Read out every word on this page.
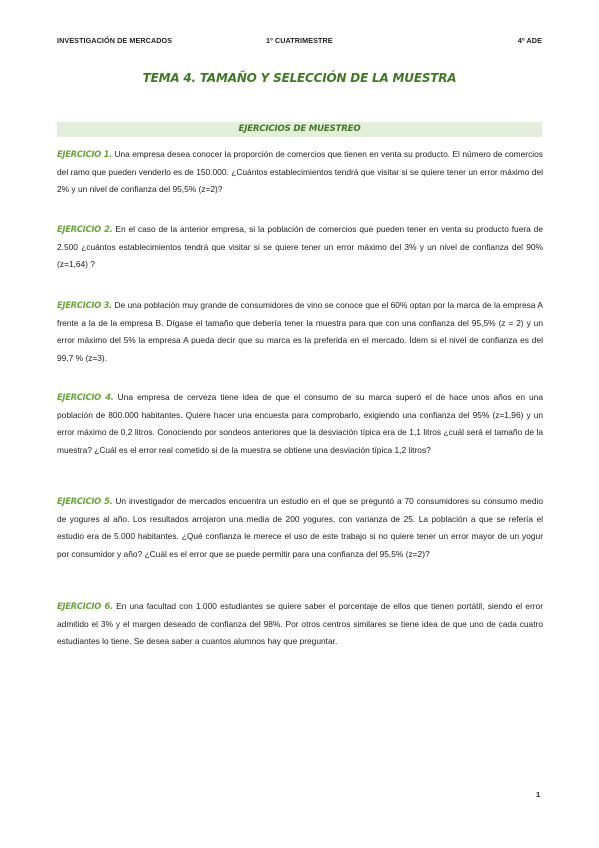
INVESTIGACIÓN DE MERCADOS	1º CUATRIMESTRE	4º ADE
TEMA 4. TAMAÑO Y SELECCIÓN DE LA MUESTRA
EJERCICIOS DE MUESTREO
EJERCICIO 1. Una empresa desea conocer la proporción de comercios que tienen en venta su producto. El número de comercios del ramo que pueden venderlo es de 150.000. ¿Cuántos establecimientos tendrá que visitar si se quiere tener un error máximo del 2% y un nivel de confianza del 95,5% (z=2)?
EJERCICIO 2. En el caso de la anterior empresa, si la población de comercios que pueden tener en venta su producto fuera de 2.500 ¿cuántos establecimientos tendrá que visitar si se quiere tener un error máximo del 3% y un nivel de confianza del 90% (z=1,64) ?
EJERCICIO 3. De una población muy grande de consumidores de vino se conoce que el 60% optan por la marca de la empresa A frente a la de la empresa B. Dígase el tamaño que debería tener la muestra para que con una confianza del 95,5% (z = 2) y un error máximo del 5% la empresa A pueda decir que su marca es la preferida en el mercado. Ídem si el nivel de confianza es del 99,7 % (z=3).
EJERCICIO 4. Una empresa de cerveza tiene idea de que el consumo de su marca superó el de hace unos años en una población de 800.000 habitantes. Quiere hacer una encuesta para comprobarlo, exigiendo una confianza del 95% (z=1,96) y un error máximo de 0,2 litros. Conociendo por sondeos anteriores que la desviación típica era de 1,1 litros ¿cuál será el tamaño de la muestra? ¿Cuál es el error real cometido si de la muestra se obtiene una desviación típica 1,2 litros?
EJERCICIO 5. Un investigador de mercados encuentra un estudio en el que se preguntó a 70 consumidores su consumo medio de yogures al año. Los resultados arrojaron una media de 200 yogures, con varianza de 25. La población a que se refería el estudio era de 5.000 habitantes. ¿Qué confianza le merece el uso de este trabajo si no quiere tener un error mayor de un yogur por consumidor y año? ¿Cuál es el error que se puede permitir para una confianza del 95,5% (z=2)?
EJERCICIO 6. En una facultad con 1.000 estudiantes se quiere saber el porcentaje de ellos que tienen portátil, siendo el error admitido el 3% y el margen deseado de confianza del 98%. Por otros centros similares se tiene idea de que uno de cada cuatro estudiantes lo tiene. Se desea saber a cuantos alumnos hay que preguntar.
1
